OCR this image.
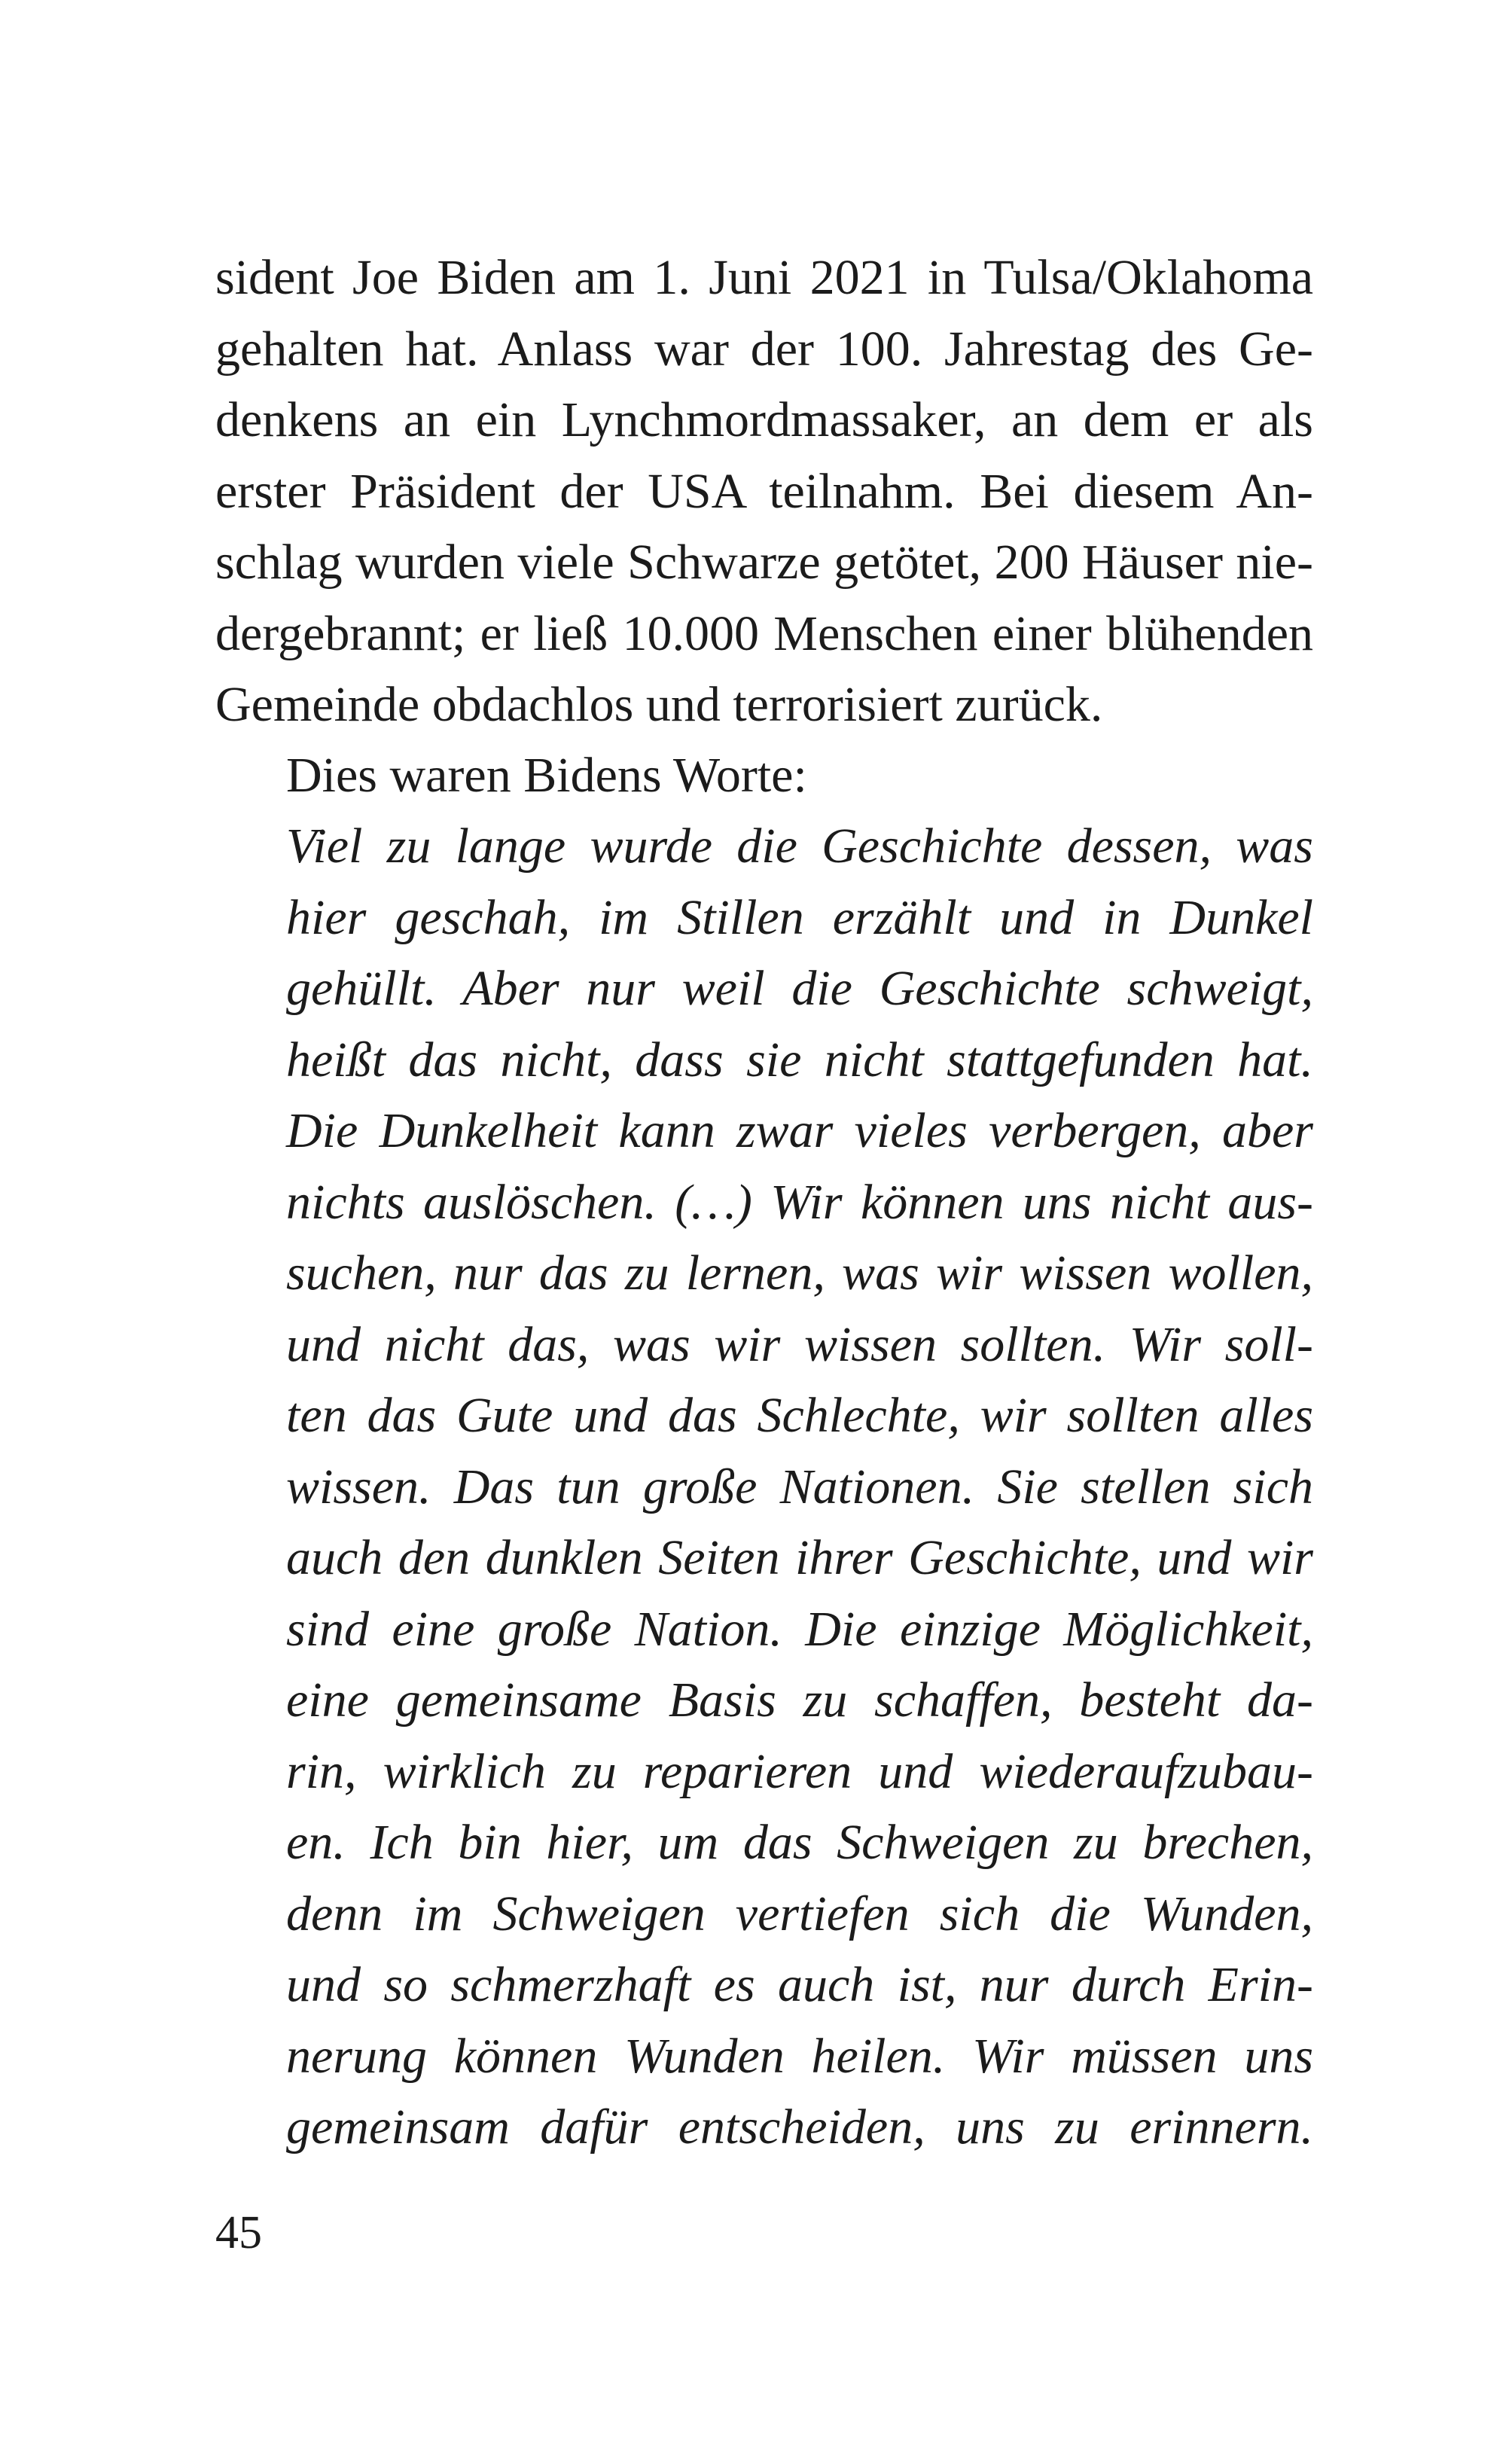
sident Joe Biden am 1. Juni 2021 in Tulsa/Oklahoma
gehalten hat. Anlass war der 100. Jahrestag des Ge-
denkens an ein Lynchmordmassaker, an dem er als
erster Präsident der USA teilnahm. Bei diesem An-
schlag wurden viele Schwarze getötet, 200 Häuser nie-
dergebrannt; er ließ 10.000 Menschen einer blühenden
Gemeinde obdachlos und terrorisiert zurück.
Dies waren Bidens Worte:
Viel zu lange wurde die Geschichte dessen, was
hier geschah, im Stillen erzählt und in Dunkel
gehüllt. Aber nur weil die Geschichte schweigt,
heißt das nicht, dass sie nicht stattgefunden hat.
Die Dunkelheit kann zwar vieles verbergen, aber
nichts auslöschen. (…) Wir können uns nicht aus-
suchen, nur das zu lernen, was wir wissen wollen,
und nicht das, was wir wissen sollten. Wir soll-
ten das Gute und das Schlechte, wir sollten alles
wissen. Das tun große Nationen. Sie stellen sich
auch den dunklen Seiten ihrer Geschichte, und wir
sind eine große Nation. Die einzige Möglichkeit,
eine gemeinsame Basis zu schaffen, besteht da-
rin, wirklich zu reparieren und wiederaufzubau-
en. Ich bin hier, um das Schweigen zu brechen,
denn im Schweigen vertiefen sich die Wunden,
und so schmerzhaft es auch ist, nur durch Erin-
nerung können Wunden heilen. Wir müssen uns
gemeinsam dafür entscheiden, uns zu erinnern.
45
